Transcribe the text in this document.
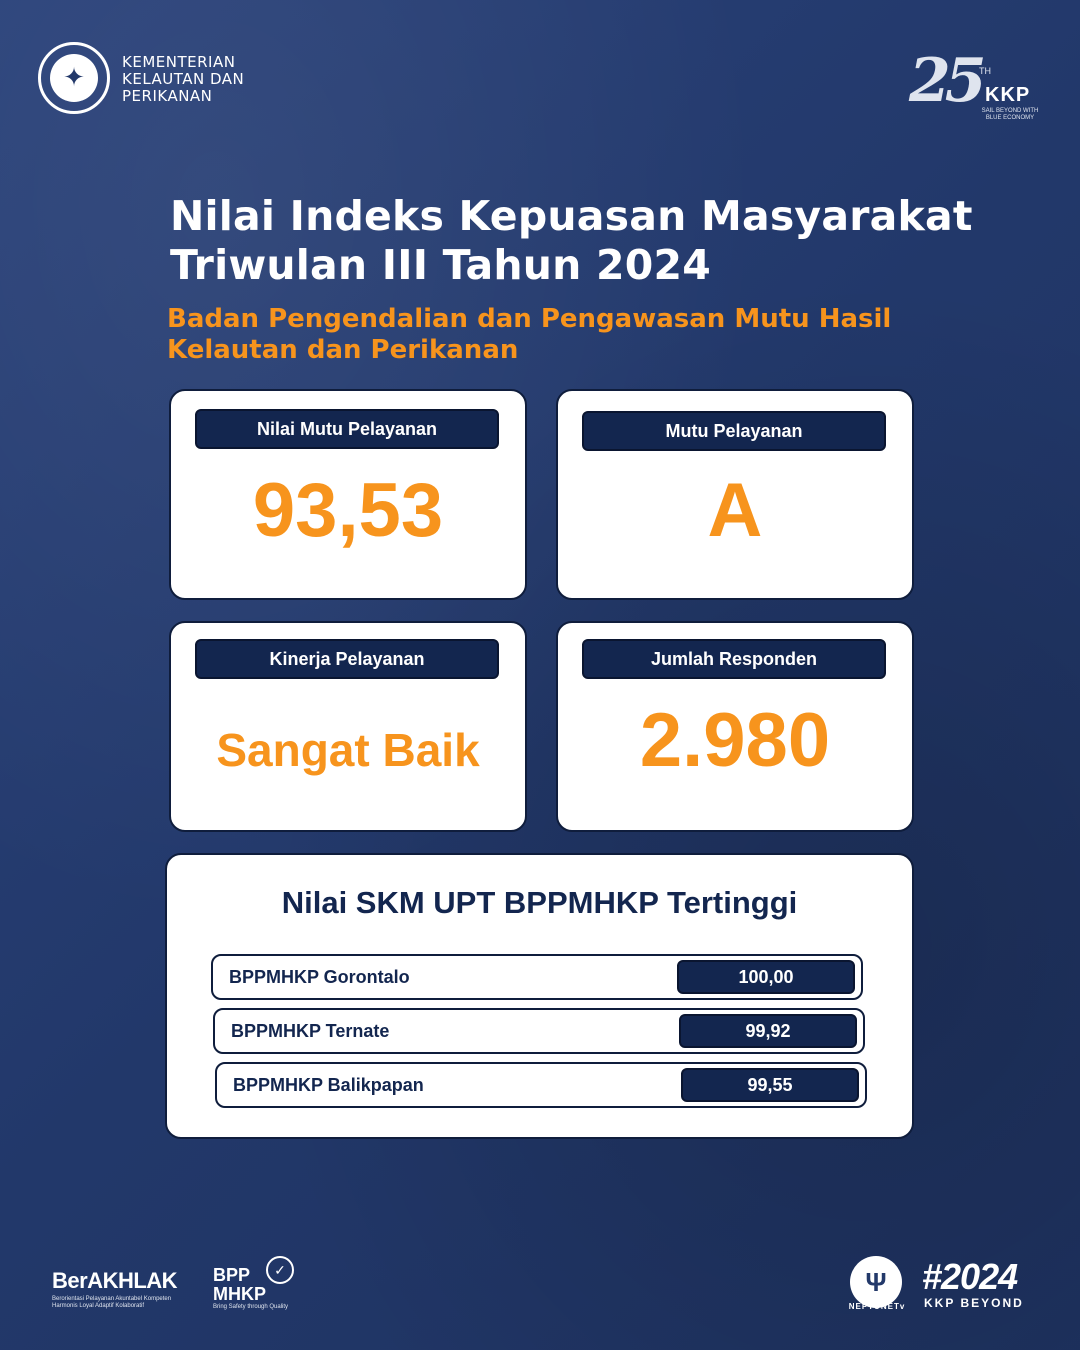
✦
KEMENTERIAN
KELAUTAN DAN
PERIKANAN	25
TH
KKP
SAIL BEYOND WITH BLUE ECONOMY
Nilai Indeks Kepuasan Masyarakat
Triwulan III Tahun 2024
Badan Pengendalian dan Pengawasan Mutu Hasil
Kelautan dan Perikanan
Nilai Mutu Pelayanan
93,53
Mutu Pelayanan
A
Kinerja Pelayanan
Sangat Baik
Jumlah Responden
2.980
Nilai SKM UPT BPPMHKP Tertinggi
BPPMHKP Gorontalo	100,00
BPPMHKP Ternate	99,92
BPPMHKP Balikpapan	99,55
BerAKHLAK
Berorientasi Pelayanan Akuntabel Kompeten Harmonis Loyal Adaptif Kolaboratif
BPP
MHKP
✓
Bring Safety through Quality
Ψ
NEPTUNETv
#2024
KKP BEYOND
